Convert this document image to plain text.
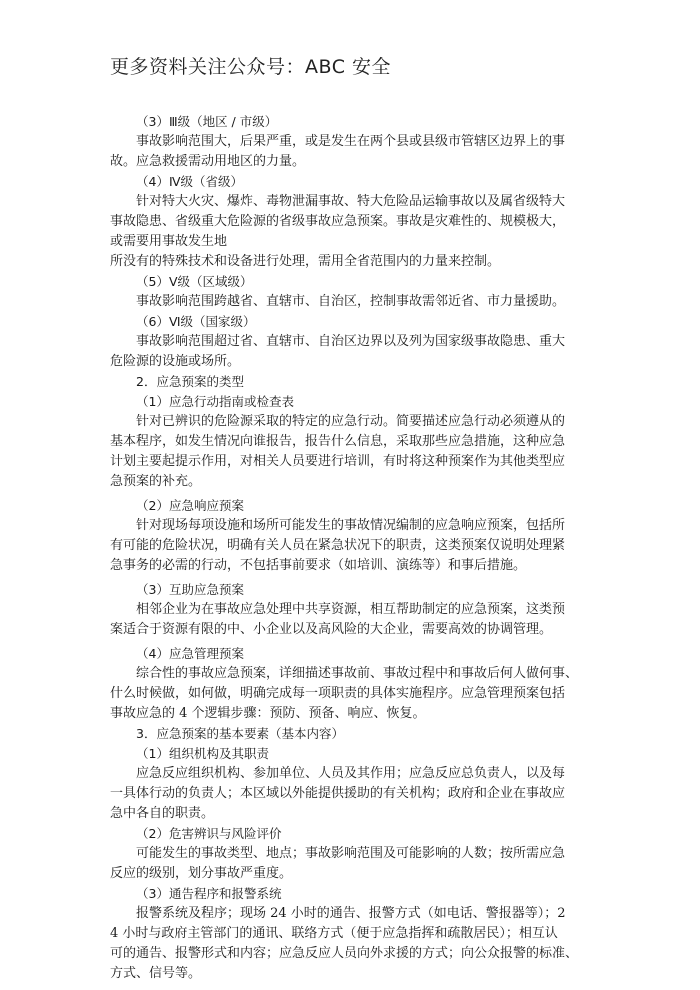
更多资料关注公众号：ABC 安全
（3）Ⅲ级（地区 / 市级）
事故影响范围大，后果严重，或是发生在两个县或县级市管辖区边界上的事
故。应急救援需动用地区的力量。
（4）Ⅳ级（省级）
针对特大火灾、爆炸、毒物泄漏事故、特大危险品运输事故以及属省级特大
事故隐患、省级重大危险源的省级事故应急预案。事故是灾难性的、规模极大，
或需要用事故发生地
所没有的特殊技术和设备进行处理，需用全省范围内的力量来控制。
（5）Ⅴ级（区域级）
事故影响范围跨越省、直辖市、自治区，控制事故需邻近省、市力量援助。
（6）Ⅵ级（国家级）
事故影响范围超过省、直辖市、自治区边界以及列为国家级事故隐患、重大
危险源的设施或场所。
2．应急预案的类型
（1）应急行动指南或检查表
针对已辨识的危险源采取的特定的应急行动。简要描述应急行动必须遵从的
基本程序，如发生情况向谁报告，报告什么信息，采取那些应急措施，这种应急
计划主要起提示作用，对相关人员要进行培训，有时将这种预案作为其他类型应
急预案的补充。
（2）应急响应预案
针对现场每项设施和场所可能发生的事故情况编制的应急响应预案，包括所
有可能的危险状况，明确有关人员在紧急状况下的职责，这类预案仅说明处理紧
急事务的必需的行动，不包括事前要求（如培训、演练等）和事后措施。
（3）互助应急预案
相邻企业为在事故应急处理中共享资源，相互帮助制定的应急预案，这类预
案适合于资源有限的中、小企业以及高风险的大企业，需要高效的协调管理。
（4）应急管理预案
综合性的事故应急预案，详细描述事故前、事故过程中和事故后何人做何事、
什么时候做，如何做，明确完成每一项职责的具体实施程序。应急管理预案包括
事故应急的 4 个逻辑步骤：预防、预备、响应、恢复。
3．应急预案的基本要素（基本内容）
（1）组织机构及其职责
应急反应组织机构、参加单位、人员及其作用；应急反应总负责人，以及每
一具体行动的负责人；本区域以外能提供援助的有关机构；政府和企业在事故应
急中各自的职责。
（2）危害辨识与风险评价
可能发生的事故类型、地点；事故影响范围及可能影响的人数；按所需应急
反应的级别，划分事故严重度。
（3）通告程序和报警系统
报警系统及程序；现场 24 小时的通告、报警方式（如电话、警报器等）；2
4 小时与政府主管部门的通讯、联络方式（便于应急指挥和疏散居民）；相互认
可的通告、报警形式和内容；应急反应人员向外求援的方式；向公众报警的标准、
方式、信号等。
